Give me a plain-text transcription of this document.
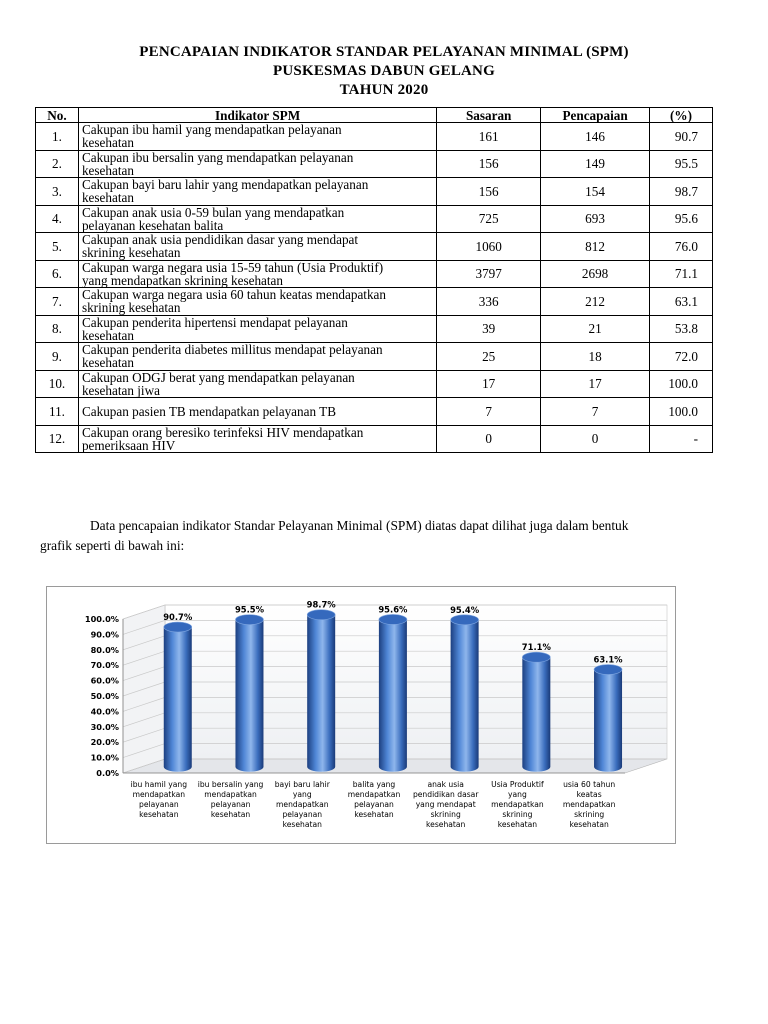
PENCAPAIAN INDIKATOR STANDAR PELAYANAN MINIMAL (SPM)
PUSKESMAS DABUN GELANG
TAHUN 2020
No.	Indikator SPM	Sasaran	Pencapaian	(%)
1.	Cakupan ibu hamil yang mendapatkan pelayanan
kesehatan	161	146	90.7
2.	Cakupan ibu bersalin yang mendapatkan pelayanan
kesehatan	156	149	95.5
3.	Cakupan bayi baru lahir yang mendapatkan pelayanan
kesehatan	156	154	98.7
4.	Cakupan anak usia 0-59 bulan yang mendapatkan
pelayanan kesehatan balita	725	693	95.6
5.	Cakupan anak usia pendidikan dasar yang mendapat
skrining kesehatan	1060	812	76.0
6.	Cakupan warga negara usia 15-59 tahun (Usia Produktif)
yang mendapatkan skrining kesehatan	3797	2698	71.1
7.	Cakupan warga negara usia 60 tahun keatas mendapatkan
skrining kesehatan	336	212	63.1
8.	Cakupan penderita hipertensi mendapat pelayanan
kesehatan	39	21	53.8
9.	Cakupan penderita diabetes millitus mendapat pelayanan
kesehatan	25	18	72.0
10.	Cakupan ODGJ berat yang mendapatkan pelayanan
kesehatan jiwa	17	17	100.0
11.	Cakupan pasien TB mendapatkan pelayanan TB	7	7	100.0
12.	Cakupan orang beresiko terinfeksi HIV mendapatkan
pemeriksaan HIV	0	0	-
Data pencapaian indikator Standar Pelayanan Minimal (SPM) diatas dapat dilihat juga dalam bentuk
grafik seperti di bawah ini:
0.0%
10.0%
20.0%
30.0%
40.0%
50.0%
60.0%
70.0%
80.0%
90.0%
100.0%	90.7%
95.5%	98.7%	95.6%	95.4%
71.1%
63.1%
ibu hamil yang
mendapatkan
pelayanan
kesehatan
ibu bersalin yang
mendapatkan
pelayanan
kesehatan
bayi baru lahir
yang
mendapatkan
pelayanan
kesehatan
balita yang
mendapatkan
pelayanan
kesehatan
anak usia
pendidikan dasar
yang mendapat
skrining
kesehatan
Usia Produktif
yang
mendapatkan
skrining
kesehatan
usia 60 tahun
keatas
mendapatkan
skrining
kesehatan
